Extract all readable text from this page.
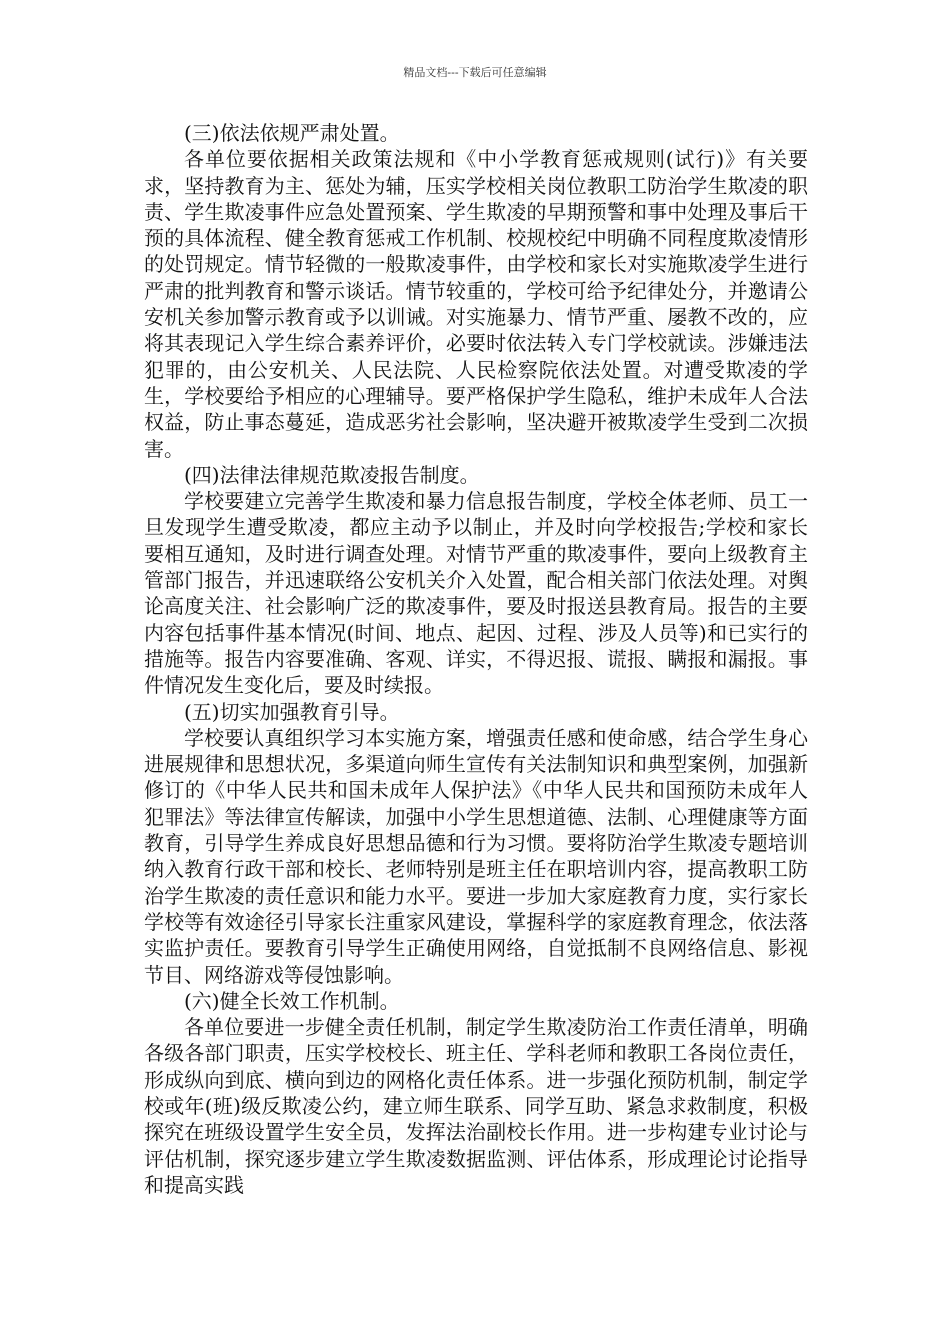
精品文档---下载后可任意编辑

(三)依法依规严肃处置。

各单位要依据相关政策法规和《中小学教育惩戒规则(试行)》有关要求，坚持教育为主、惩处为辅，压实学校相关岗位教职工防治学生欺凌的职责、学生欺凌事件应急处置预案、学生欺凌的早期预警和事中处理及事后干预的具体流程、健全教育惩戒工作机制、校规校纪中明确不同程度欺凌情形的处罚规定。情节轻微的一般欺凌事件，由学校和家长对实施欺凌学生进行严肃的批判教育和警示谈话。情节较重的，学校可给予纪律处分，并邀请公安机关参加警示教育或予以训诫。对实施暴力、情节严重、屡教不改的，应将其表现记入学生综合素养评价，必要时依法转入专门学校就读。涉嫌违法犯罪的，由公安机关、人民法院、人民检察院依法处置。对遭受欺凌的学生，学校要给予相应的心理辅导。要严格保护学生隐私，维护未成年人合法权益，防止事态蔓延，造成恶劣社会影响，坚决避开被欺凌学生受到二次损害。

(四)法律法律规范欺凌报告制度。

学校要建立完善学生欺凌和暴力信息报告制度，学校全体老师、员工一旦发现学生遭受欺凌，都应主动予以制止，并及时向学校报告;学校和家长要相互通知，及时进行调查处理。对情节严重的欺凌事件，要向上级教育主管部门报告，并迅速联络公安机关介入处置，配合相关部门依法处理。对舆论高度关注、社会影响广泛的欺凌事件，要及时报送县教育局。报告的主要内容包括事件基本情况(时间、地点、起因、过程、涉及人员等)和已实行的措施等。报告内容要准确、客观、详实，不得迟报、谎报、瞒报和漏报。事件情况发生变化后，要及时续报。

(五)切实加强教育引导。

学校要认真组织学习本实施方案，增强责任感和使命感，结合学生身心进展规律和思想状况，多渠道向师生宣传有关法制知识和典型案例，加强新修订的《中华人民共和国未成年人保护法》《中华人民共和国预防未成年人犯罪法》等法律宣传解读，加强中小学生思想道德、法制、心理健康等方面教育，引导学生养成良好思想品德和行为习惯。要将防治学生欺凌专题培训纳入教育行政干部和校长、老师特别是班主任在职培训内容，提高教职工防治学生欺凌的责任意识和能力水平。要进一步加大家庭教育力度，实行家长学校等有效途径引导家长注重家风建设，掌握科学的家庭教育理念，依法落实监护责任。要教育引导学生正确使用网络，自觉抵制不良网络信息、影视节目、网络游戏等侵蚀影响。

(六)健全长效工作机制。

各单位要进一步健全责任机制，制定学生欺凌防治工作责任清单，明确各级各部门职责，压实学校校长、班主任、学科老师和教职工各岗位责任，形成纵向到底、横向到边的网格化责任体系。进一步强化预防机制，制定学校或年(班)级反欺凌公约，建立师生联系、同学互助、紧急求救制度，积极探究在班级设置学生安全员，发挥法治副校长作用。进一步构建专业讨论与评估机制，探究逐步建立学生欺凌数据监测、评估体系，形成理论讨论指导和提高实践
